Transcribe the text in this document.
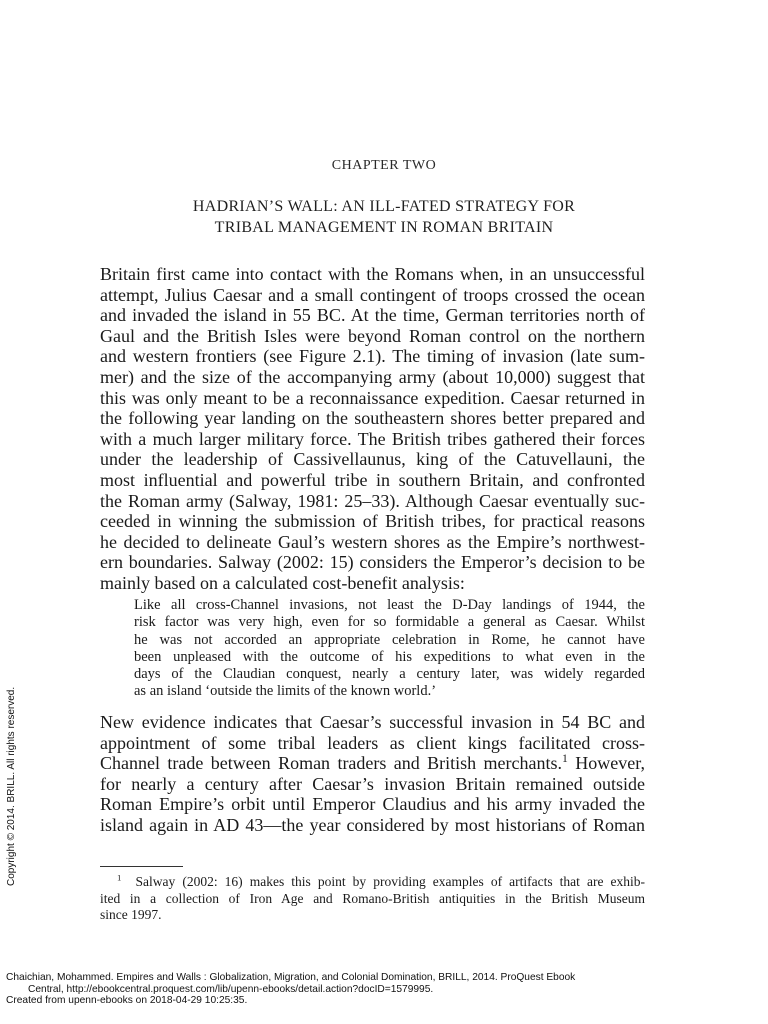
CHAPTER TWO
HADRIAN’S WALL: AN ILL-FATED STRATEGY FOR
TRIBAL MANAGEMENT IN ROMAN BRITAIN
Britain first came into contact with the Romans when, in an unsuccessful
attempt, Julius Caesar and a small contingent of troops crossed the ocean
and invaded the island in 55 BC. At the time, German territories north of
Gaul and the British Isles were beyond Roman control on the northern
and western frontiers (see Figure 2.1). The timing of invasion (late sum-
mer) and the size of the accompanying army (about 10,000) suggest that
this was only meant to be a reconnaissance expedition. Caesar returned in
the following year landing on the southeastern shores better prepared and
with a much larger military force. The British tribes gathered their forces
under the leadership of Cassivellaunus, king of the Catuvellauni, the
most influential and powerful tribe in southern Britain, and confronted
the Roman army (Salway, 1981: 25–33). Although Caesar eventually suc-
ceeded in winning the submission of British tribes, for practical reasons
he decided to delineate Gaul’s western shores as the Empire’s northwest-
ern boundaries. Salway (2002: 15) considers the Emperor’s decision to be
mainly based on a calculated cost-benefit analysis:
Like all cross-Channel invasions, not least the D-Day landings of 1944, the
risk factor was very high, even for so formidable a general as Caesar. Whilst
he was not accorded an appropriate celebration in Rome, he cannot have
been unpleased with the outcome of his expeditions to what even in the
days of the Claudian conquest, nearly a century later, was widely regarded
as an island ‘outside the limits of the known world.’
New evidence indicates that Caesar’s successful invasion in 54 BC and
appointment of some tribal leaders as client kings facilitated cross-
Channel trade between Roman traders and British merchants.$^1$ However,
for nearly a century after Caesar’s invasion Britain remained outside
Roman Empire’s orbit until Emperor Claudius and his army invaded the
island again in AD 43—the year considered by most historians of Roman
$^1$ Salway (2002: 16) makes this point by providing examples of artifacts that are exhib-
ited in a collection of Iron Age and Romano-British antiquities in the British Museum
since 1997.
Copyright © 2014. BRILL. All rights reserved.
Chaichian, Mohammed. Empires and Walls : Globalization, Migration, and Colonial Domination, BRILL, 2014. ProQuest Ebook
Central, http://ebookcentral.proquest.com/lib/upenn-ebooks/detail.action?docID=1579995.
Created from upenn-ebooks on 2018-04-29 10:25:35.
